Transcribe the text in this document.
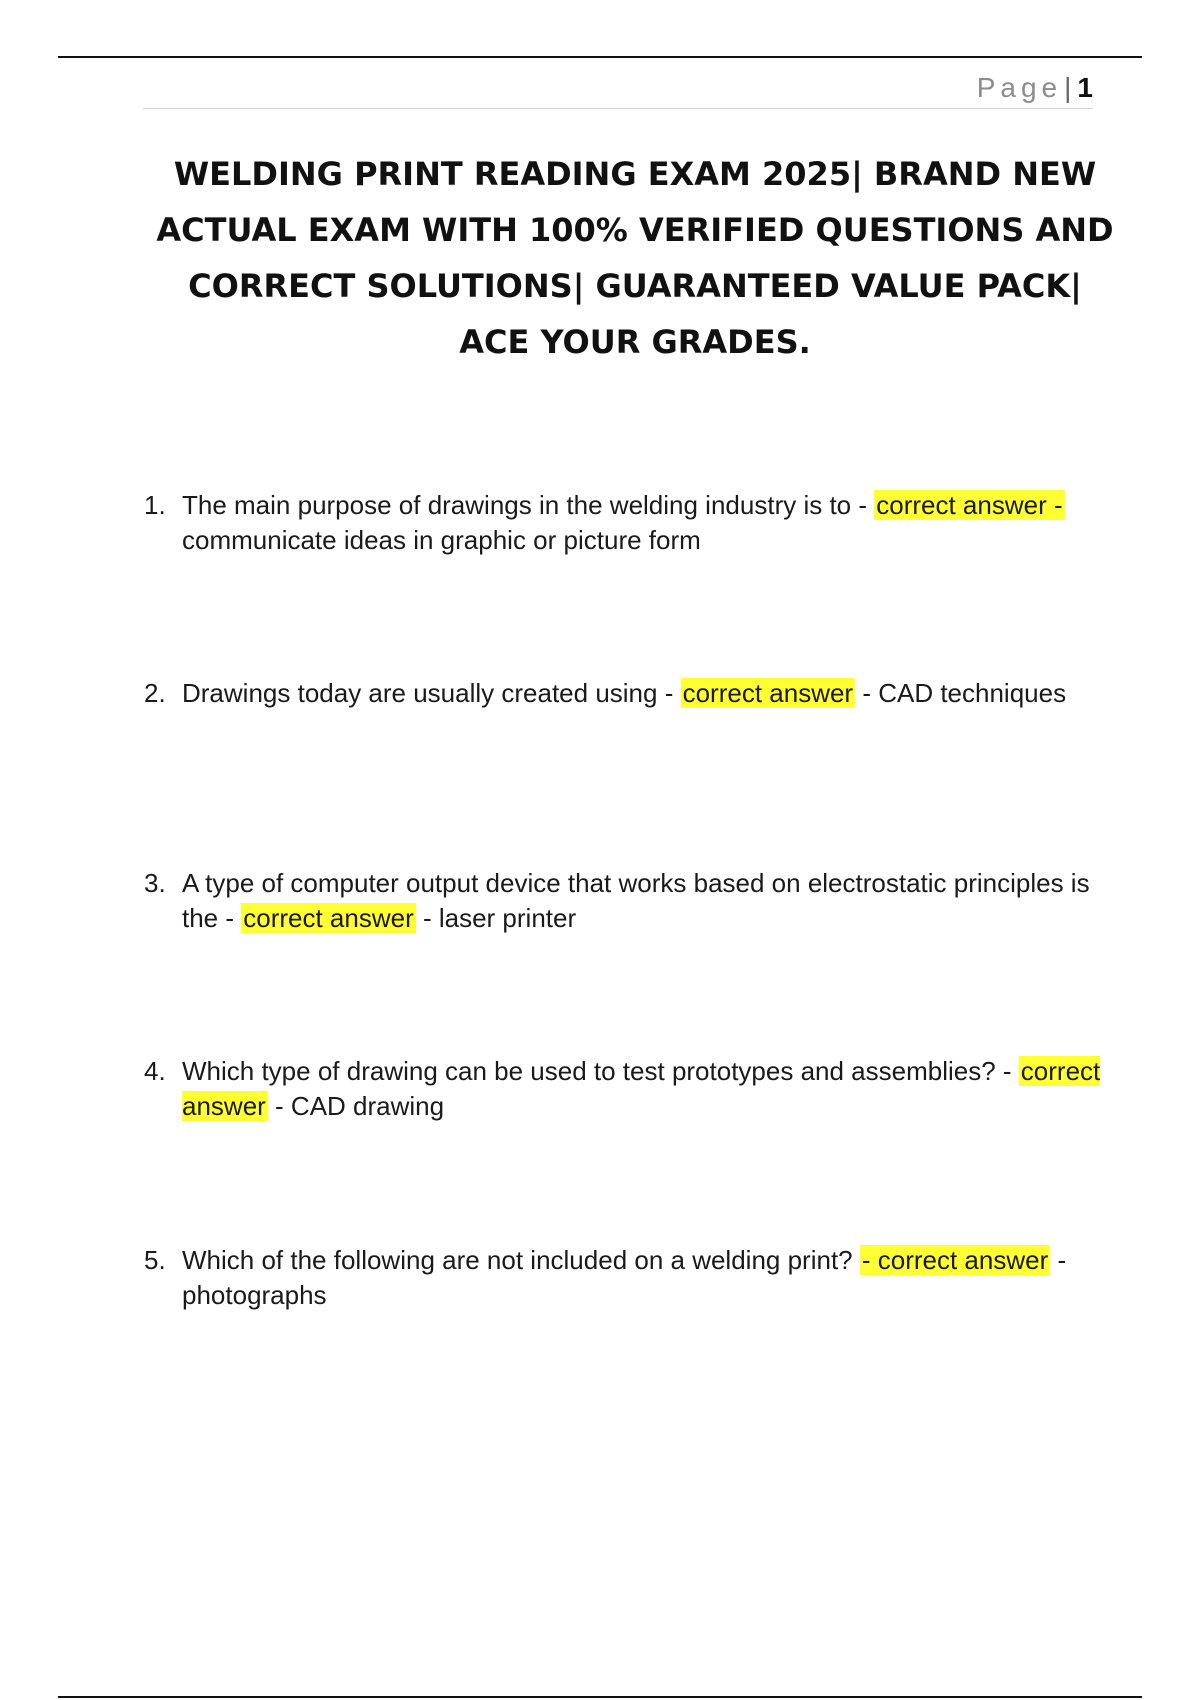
Page| 1
WELDING PRINT READING EXAM 2025| BRAND NEW ACTUAL EXAM WITH 100% VERIFIED QUESTIONS AND CORRECT SOLUTIONS| GUARANTEED VALUE PACK| ACE YOUR GRADES.
1. The main purpose of drawings in the welding industry is to - correct answer - communicate ideas in graphic or picture form
2. Drawings today are usually created using - correct answer - CAD techniques
3. A type of computer output device that works based on electrostatic principles is the - correct answer - laser printer
4. Which type of drawing can be used to test prototypes and assemblies? - correct answer - CAD drawing
5. Which of the following are not included on a welding print? - correct answer - photographs
